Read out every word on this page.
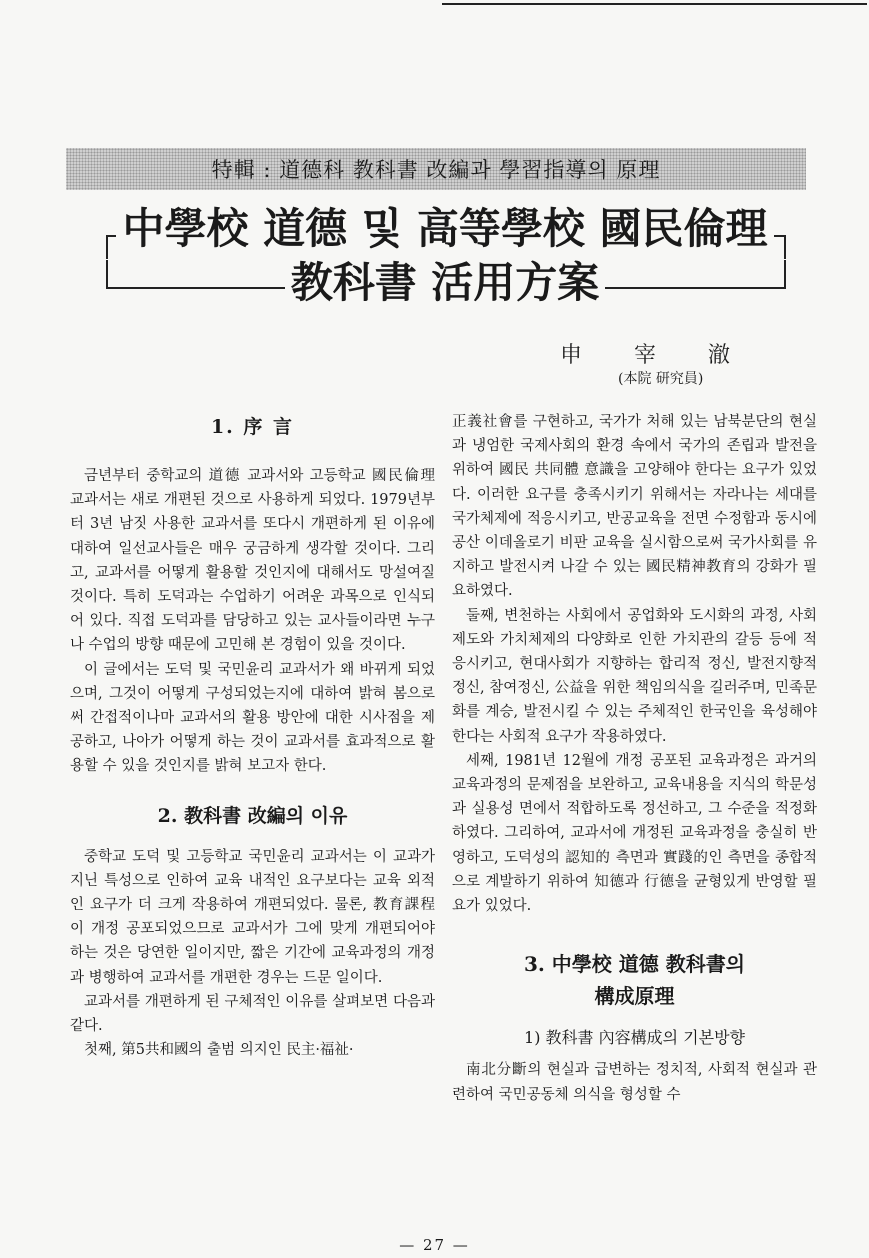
特輯 : 道德科 教科書 改編과 學習指導의 原理
中學校 道德 및 高等學校 國民倫理
教科書 活用方案
申宰澈
(本院 研究員)
1. 序 言

금년부터 중학교의 道德 교과서와 고등학교 國民倫理 교과서는 새로 개편된 것으로 사용하게 되었다. 1979년부터 3년 남짓 사용한 교과서를 또다시 개편하게 된 이유에 대하여 일선교사들은 매우 궁금하게 생각할 것이다. 그리고, 교과서를 어떻게 활용할 것인지에 대해서도 망설여질 것이다. 특히 도덕과는 수업하기 어려운 과목으로 인식되어 있다. 직접 도덕과를 담당하고 있는 교사들이라면 누구나 수업의 방향 때문에 고민해 본 경험이 있을 것이다.

이 글에서는 도덕 및 국민윤리 교과서가 왜 바뀌게 되었으며, 그것이 어떻게 구성되었는지에 대하여 밝혀 봄으로써 간접적이나마 교과서의 활용 방안에 대한 시사점을 제공하고, 나아가 어떻게 하는 것이 교과서를 효과적으로 활용할 수 있을 것인지를 밝혀 보고자 한다.

2. 教科書 改編의 이유

중학교 도덕 및 고등학교 국민윤리 교과서는 이 교과가 지닌 특성으로 인하여 교육 내적인 요구보다는 교육 외적인 요구가 더 크게 작용하여 개편되었다. 물론, 教育課程이 개정 공포되었으므로 교과서가 그에 맞게 개편되어야 하는 것은 당연한 일이지만, 짧은 기간에 교육과정의 개정과 병행하여 교과서를 개편한 경우는 드문 일이다.

교과서를 개편하게 된 구체적인 이유를 살펴보면 다음과 같다.

첫째, 第5共和國의 출범 의지인 民主·福祉·

正義社會를 구현하고, 국가가 처해 있는 남북분단의 현실과 냉엄한 국제사회의 환경 속에서 국가의 존립과 발전을 위하여 國民 共同體 意識을 고양해야 한다는 요구가 있었다. 이러한 요구를 충족시키기 위해서는 자라나는 세대를 국가체제에 적응시키고, 반공교육을 전면 수정함과 동시에 공산 이데올로기 비판 교육을 실시함으로써 국가사회를 유지하고 발전시켜 나갈 수 있는 國民精神教育의 강화가 필요하였다.

둘째, 변천하는 사회에서 공업화와 도시화의 과정, 사회제도와 가치체제의 다양화로 인한 가치관의 갈등 등에 적응시키고, 현대사회가 지향하는 합리적 정신, 발전지향적 정신, 참여정신, 公益을 위한 책임의식을 길러주며, 민족문화를 계승, 발전시킬 수 있는 주체적인 한국인을 육성해야 한다는 사회적 요구가 작용하였다.

세째, 1981년 12월에 개정 공포된 교육과정은 과거의 교육과정의 문제점을 보완하고, 교육내용을 지식의 학문성과 실용성 면에서 적합하도록 정선하고, 그 수준을 적정화하였다. 그리하여, 교과서에 개정된 교육과정을 충실히 반영하고, 도덕성의 認知的 측면과 實踐的인 측면을 종합적으로 계발하기 위하여 知德과 行德을 균형있게 반영할 필요가 있었다.

3. 中學校 道德 教科書의
構成原理
1) 教科書 內容構成의 기본방향

南北分斷의 현실과 급변하는 정치적, 사회적 현실과 관련하여 국민공동체 의식을 형성할 수

— 27 —
